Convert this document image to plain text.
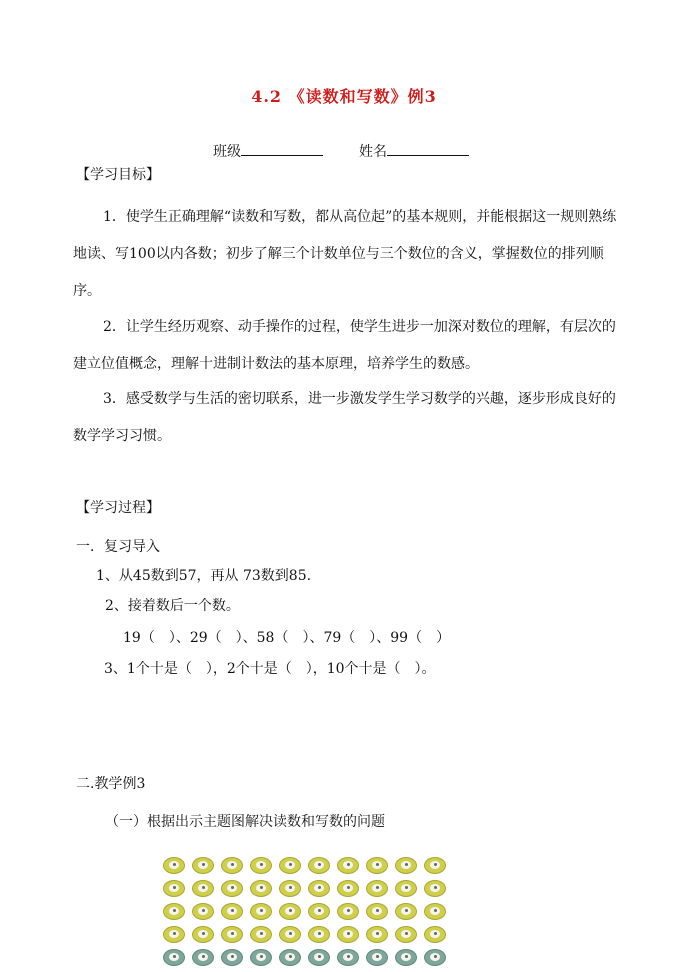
4.2 《读数和写数》例3
班级	姓名
【学习目标】
1．使学生正确理解“读数和写数，都从高位起”的基本规则，并能根据这一规则熟练地读、写100以内各数；初步了解三个计数单位与三个数位的含义，掌握数位的排列顺序。
2．让学生经历观察、动手操作的过程，使学生进步一加深对数位的理解，有层次的建立位值概念，理解十进制计数法的基本原理，培养学生的数感。
3．感受数学与生活的密切联系，进一步激发学生学习数学的兴趣，逐步形成良好的数学学习习惯。
【学习过程】
一．复习导入
1、从45数到57，再从 73数到85.
2、接着数后一个数。
19（　）、29（　）、58（　）、79（　）、99（　）
3、1个十是（　），2个十是（　），10个十是（　）。
二.教学例3
（一）根据出示主题图解决读数和写数的问题
